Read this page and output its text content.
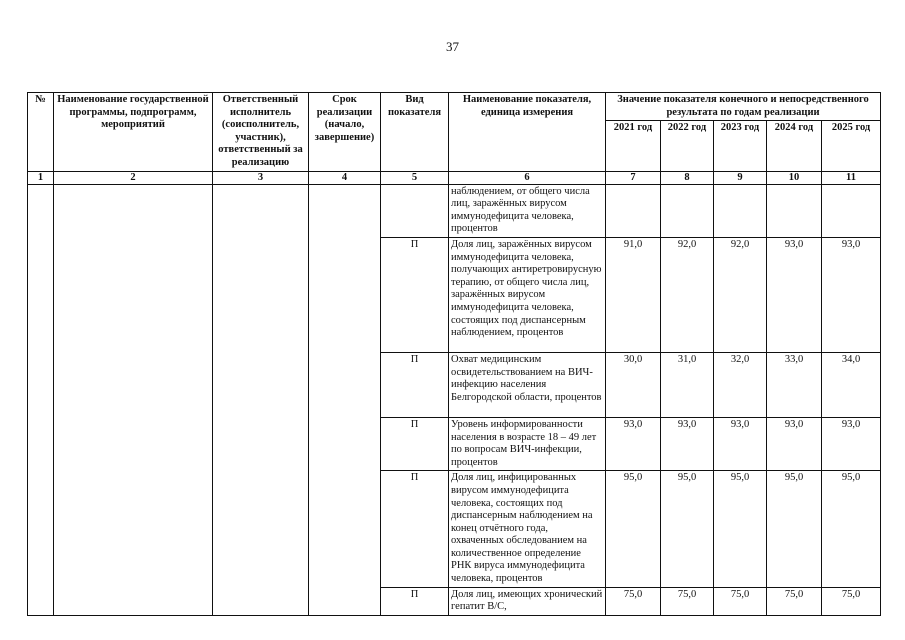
37
№	Наименование государственной программы, подпрограмм, мероприятий	Ответственный исполнитель (соисполнитель, участник), ответственный за реализацию	Срок реализации (начало, завершение)	Вид показателя	Наименование показателя, единица измерения	Значение показателя конечного и непосредственного результата по годам реализации				
						2021 год	2022 год	2023 год	2024 год	2025 год
1	2	3	4	5	6	7	8	9	10	11
					наблюдением, от общего числа лиц, заражённых вирусом иммунодефицита человека, процентов					
				П	Доля лиц, заражённых вирусом иммунодефицита человека, получающих антиретровирусную терапию, от общего числа лиц, заражённых вирусом иммунодефицита человека, состоящих под диспансерным наблюдением, процентов	91,0	92,0	92,0	93,0	93,0
				П	Охват медицинским освидетельствованием на ВИЧ-инфекцию населения Белгородской области, процентов	30,0	31,0	32,0	33,0	34,0
				П	Уровень информированности населения в возрасте 18 – 49 лет по вопросам ВИЧ-инфекции, процентов	93,0	93,0	93,0	93,0	93,0
				П	Доля лиц, инфицированных вирусом иммунодефицита человека, состоящих под диспансерным наблюдением на конец отчётного года, охваченных обследованием на количественное определение РНК вируса иммунодефицита человека, процентов	95,0	95,0	95,0	95,0	95,0
				П	Доля лиц, имеющих хронический гепатит В/С,	75,0	75,0	75,0	75,0	75,0
